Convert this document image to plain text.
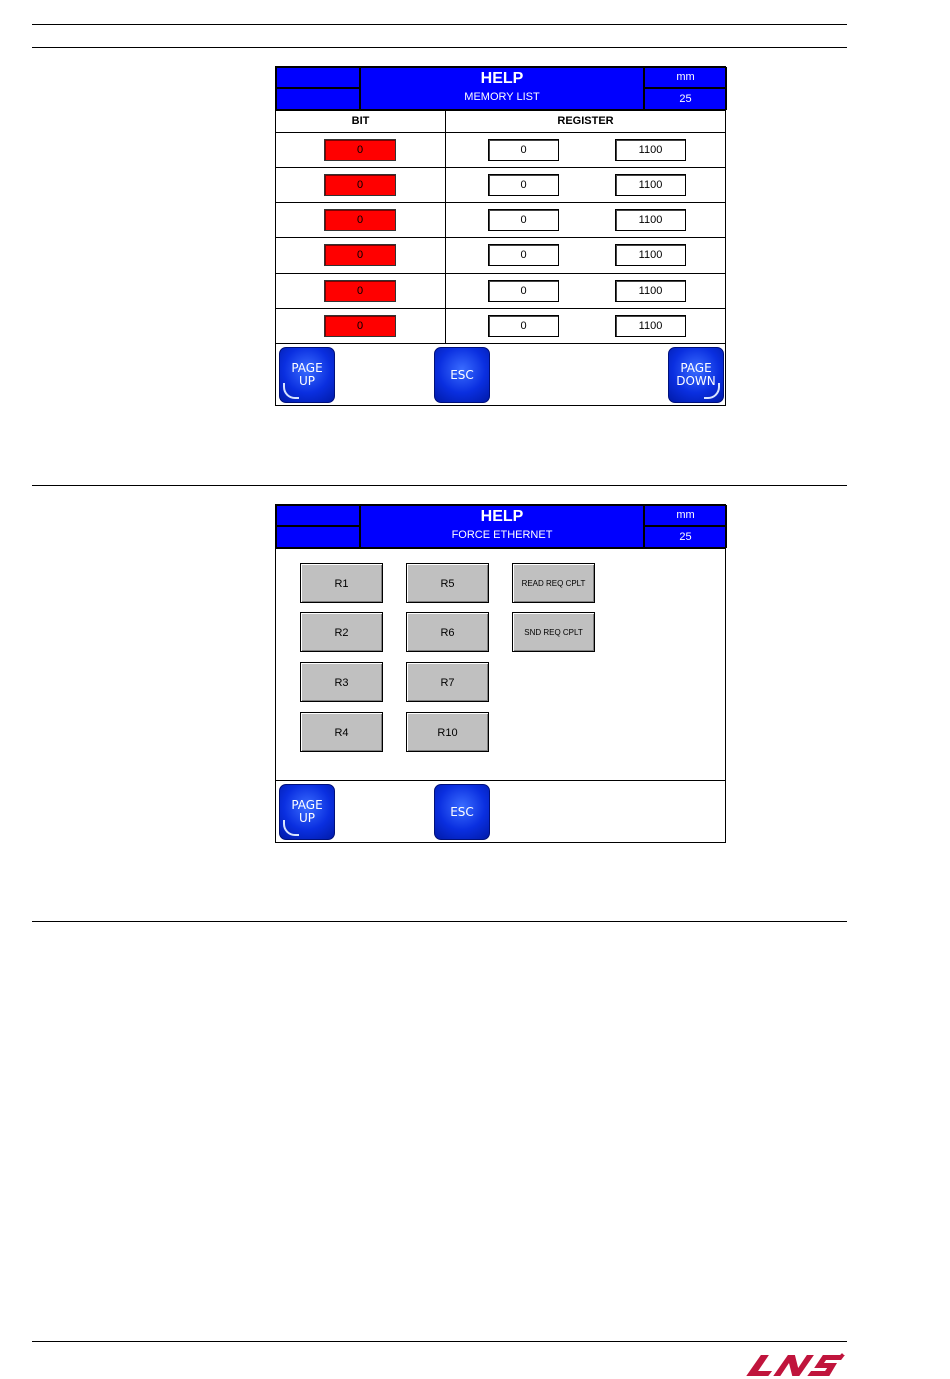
HELP
MEMORY LIST
mm
25
BIT	REGISTER
0	0	1100
0	0	1100
0	0	1100
0	0	1100
0	0	1100
0	0	1100
PAGE
UP	ESC	PAGE
DOWN
HELP
FORCE ETHERNET
mm
25
R1
R2
R3
R4
R5
R6
R7
R10
READ REQ CPLT
SND REQ CPLT
PAGE
UP	ESC
